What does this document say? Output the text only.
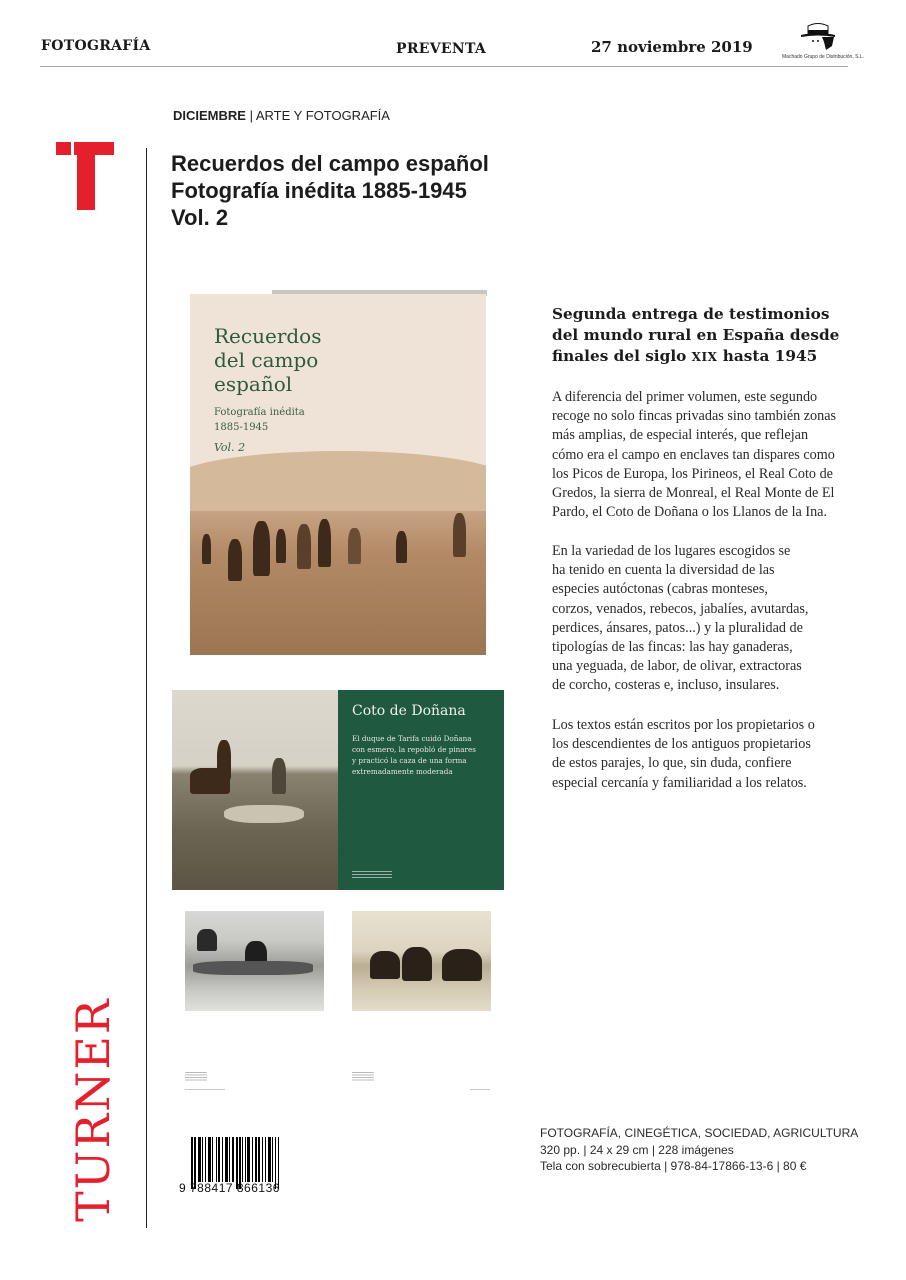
FOTOGRAFÍA	PREVENTA	27 noviembre 2019
Machado Grupo de Distribución, S.L.
TURNER
DICIEMBRE | ARTE Y FOTOGRAFÍA
Recuerdos del campo español
Fotografía inédita 1885-1945
Vol. 2
Recuerdos
del campo
español
Fotografía inédita
1885-1945
Vol. 2
Coto de Doñana
El duque de Tarifa cuidó Doñana
con esmero, la repobló de pinares
y practicó la caza de una forma
extremadamente moderada
Segunda entrega de testimonios
del mundo rural en España desde
finales del siglo XIX hasta 1945
A diferencia del primer volumen, este segundo
recoge no solo fincas privadas sino también zonas
más amplias, de especial interés, que reflejan
cómo era el campo en enclaves tan dispares como
los Picos de Europa, los Pirineos, el Real Coto de
Gredos, la sierra de Monreal, el Real Monte de El
Pardo, el Coto de Doñana o los Llanos de la Ina.
En la variedad de los lugares escogidos se
ha tenido en cuenta la diversidad de las
especies autóctonas (cabras monteses,
corzos, venados, rebecos, jabalíes, avutardas,
perdices, ánsares, patos...) y la pluralidad de
tipologías de las fincas: las hay ganaderas,
una yeguada, de labor, de olivar, extractoras
de corcho, costeras e, incluso, insulares.
Los textos están escritos por los propietarios o
los descendientes de los antiguos propietarios
de estos parajes, lo que, sin duda, confiere
especial cercanía y familiaridad a los relatos.
FOTOGRAFÍA, CINEGÉTICA, SOCIEDAD, AGRICULTURA
320 pp. | 24 x 29 cm | 228 imágenes
Tela con sobrecubierta | 978-84-17866-13-6 | 80 €
9 788417 866136
